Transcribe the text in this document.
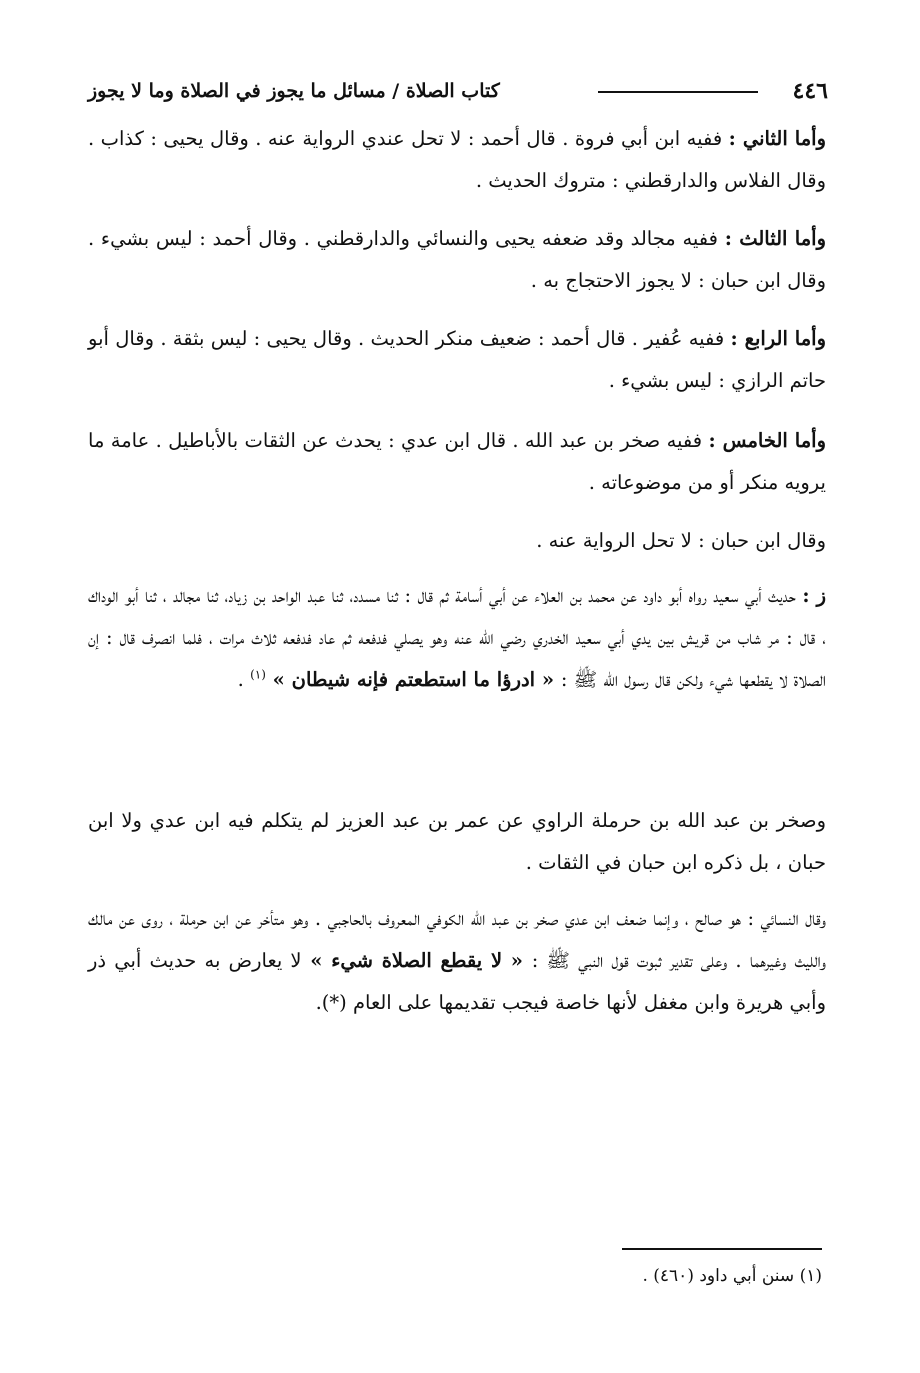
٤٤٦
كتاب الصلاة / مسائل ما يجوز في الصلاة وما لا يجوز

وأما الثاني : ففيه ابن أبي فروة . قال أحمد : لا تحل عندي الرواية عنه . وقال يحيى : كذاب . وقال الفلاس والدارقطني : متروك الحديث .

وأما الثالث : ففيه مجالد وقد ضعفه يحيى والنسائي والدارقطني . وقال أحمد : ليس بشيء . وقال ابن حبان : لا يجوز الاحتجاج به .

وأما الرابع : ففيه عُفير . قال أحمد : ضعيف منكر الحديث . وقال يحيى : ليس بثقة . وقال أبو حاتم الرازي : ليس بشيء .

وأما الخامس : ففيه صخر بن عبد الله . قال ابن عدي : يحدث عن الثقات بالأباطيل . عامة ما يرويه منكر أو من موضوعاته .

وقال ابن حبان : لا تحل الرواية عنه .

ز : حديث أبي سعيد رواه أبو داود عن محمد بن العلاء عن أبي أسامة ثم قال : ثنا مسدد، ثنا عبد الواحد بن زياد، ثنا مجالد ، ثنا أبو الوداك ، قال : مر شاب من قريش بين يدي أبي سعيد الخدري رضي الله عنه وهو يصلي فدفعه ثم عاد فدفعه ثلاث مرات ، فلما انصرف قال : إن الصلاة لا يقطعها شيء ولكن قال رسول الله ﷺ : « ادرؤا ما استطعتم فإنه شيطان » $^{(١)}$ .

وصخر بن عبد الله بن حرملة الراوي عن عمر بن عبد العزيز لم يتكلم فيه ابن عدي ولا ابن حبان ، بل ذكره ابن حبان في الثقات .

وقال النسائي : هو صالح ، وإنما ضعف ابن عدي صخر بن عبد الله الكوفي المعروف بالحاجبي . وهو متأخر عن ابن حرملة ، روى عن مالك والليث وغيرهما . وعلى تقدير ثبوت قول النبي ﷺ : « لا يقطع الصلاة شيء » لا يعارض به حديث أبي ذر وأبي هريرة وابن مغفل لأنها خاصة فيجب تقديمها على العام (*).

(١) سنن أبي داود (٤٦٠) .
